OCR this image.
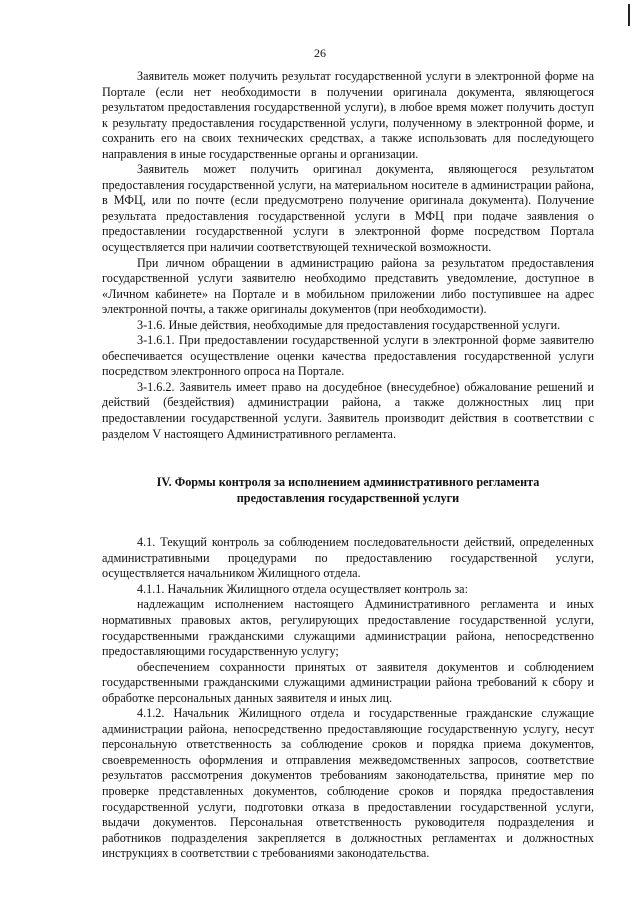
26

Заявитель может получить результат государственной услуги в электронной форме на Портале (если нет необходимости в получении оригинала документа, являющегося результатом предоставления государственной услуги), в любое время может получить доступ к результату предоставления государственной услуги, полученному в электронной форме, и сохранить его на своих технических средствах, а также использовать для последующего направления в иные государственные органы и организации.

Заявитель может получить оригинал документа, являющегося результатом предоставления государственной услуги, на материальном носителе в администрации района, в МФЦ, или по почте (если предусмотрено получение оригинала документа). Получение результата предоставления государственной услуги в МФЦ при подаче заявления о предоставлении государственной услуги в электронной форме посредством Портала осуществляется при наличии соответствующей технической возможности.

При личном обращении в администрацию района за результатом предоставления государственной услуги заявителю необходимо представить уведомление, доступное в «Личном кабинете» на Портале и в мобильном приложении либо поступившее на адрес электронной почты, а также оригиналы документов (при необходимости).

3-1.6. Иные действия, необходимые для предоставления государственной услуги.

3-1.6.1. При предоставлении государственной услуги в электронной форме заявителю обеспечивается осуществление оценки качества предоставления государственной услуги посредством электронного опроса на Портале.

3-1.6.2. Заявитель имеет право на досудебное (внесудебное) обжалование решений и действий (бездействия) администрации района, а также должностных лиц при предоставлении государственной услуги. Заявитель производит действия в соответствии с разделом V настоящего Административного регламента.

IV. Формы контроля за исполнением административного регламента
предоставления государственной услуги

4.1. Текущий контроль за соблюдением последовательности действий, определенных административными процедурами по предоставлению государственной услуги, осуществляется начальником Жилищного отдела.

4.1.1. Начальник Жилищного отдела осуществляет контроль за:

надлежащим исполнением настоящего Административного регламента и иных нормативных правовых актов, регулирующих предоставление государственной услуги, государственными гражданскими служащими администрации района, непосредственно предоставляющими государственную услугу;

обеспечением сохранности принятых от заявителя документов и соблюдением государственными гражданскими служащими администрации района требований к сбору и обработке персональных данных заявителя и иных лиц.

4.1.2. Начальник Жилищного отдела и государственные гражданские служащие администрации района, непосредственно предоставляющие государственную услугу, несут персональную ответственность за соблюдение сроков и порядка приема документов, своевременность оформления и отправления межведомственных запросов, соответствие результатов рассмотрения документов требованиям законодательства, принятие мер по проверке представленных документов, соблюдение сроков и порядка предоставления государственной услуги, подготовки отказа в предоставлении государственной услуги, выдачи документов. Персональная ответственность руководителя подразделения и работников подразделения закрепляется в должностных регламентах и должностных инструкциях в соответствии с требованиями законодательства.
